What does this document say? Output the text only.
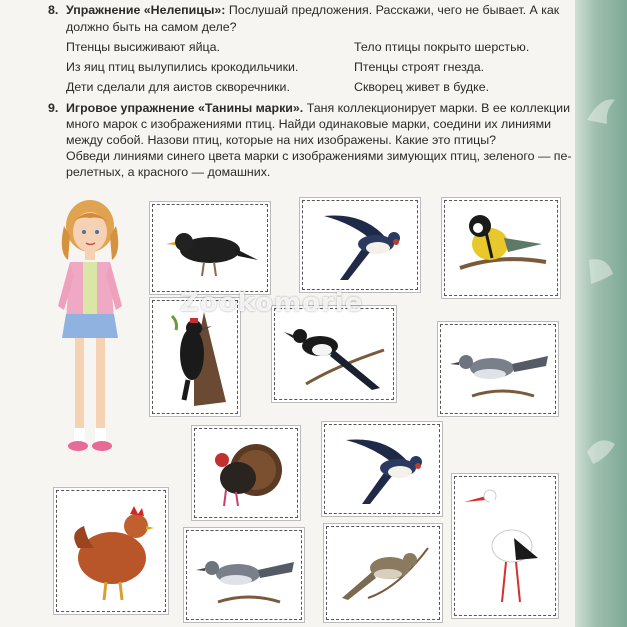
8. Упражнение «Нелепицы»: Послушай предложения. Расскажи, чего не бывает. А как
должно быть на самом деле?
Птенцы высиживают яйца.
Из яиц птиц вылупились крокодильчики.
Дети сделали для аистов скворечники.
Тело птицы покрыто шерстью.
Птенцы строят гнезда.
Скворец живет в будке.
9. Игровое упражнение «Танины марки». Таня коллекционирует марки. В ее коллекции
много марок с изображениями птиц. Найди одинаковые марки, соедини их линиями
между собой. Назови птиц, которые на них изображены. Какие это птицы?
Обведи линиями синего цвета марки с изображениями зимующих птиц, зеленого — пе-
релетных, а красного — домашних.
Zookomorie
